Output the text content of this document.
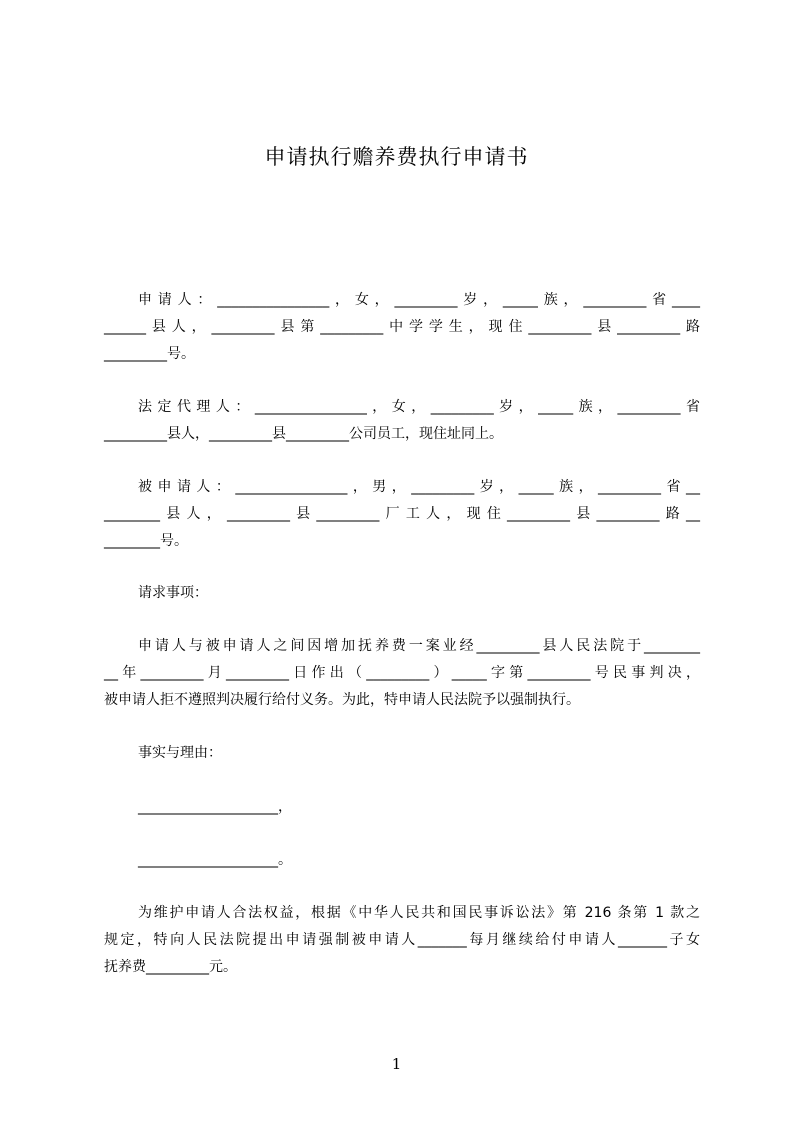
申请执行赡养费执行申请书
申请人：________________，女，_________岁，_____族，_________省____
______县人，_________县第_________中学学生，现住_________县_________路
_________号。
法定代理人：________________，女，_________岁，_____族，_________省
_________县人，_________县_________公司员工，现住址同上。
被申请人：________________，男，_________岁，_____族，_________省__
________县人，_________县_________厂工人，现住_________县_________路__
________号。
请求事项：
申请人与被申请人之间因增加抚养费一案业经_________县人民法院于________
__年_________月_________日作出（_________）_____字第_________号民事判决，
被申请人拒不遵照判决履行给付义务。为此，特申请人民法院予以强制执行。
事实与理由：
____________________，
____________________。
为维护申请人合法权益，根据《中华人民共和国民事诉讼法》第 216 条第 1 款之
规定，特向人民法院提出申请强制被申请人_______每月继续给付申请人_______子女
抚养费_________元。
1
